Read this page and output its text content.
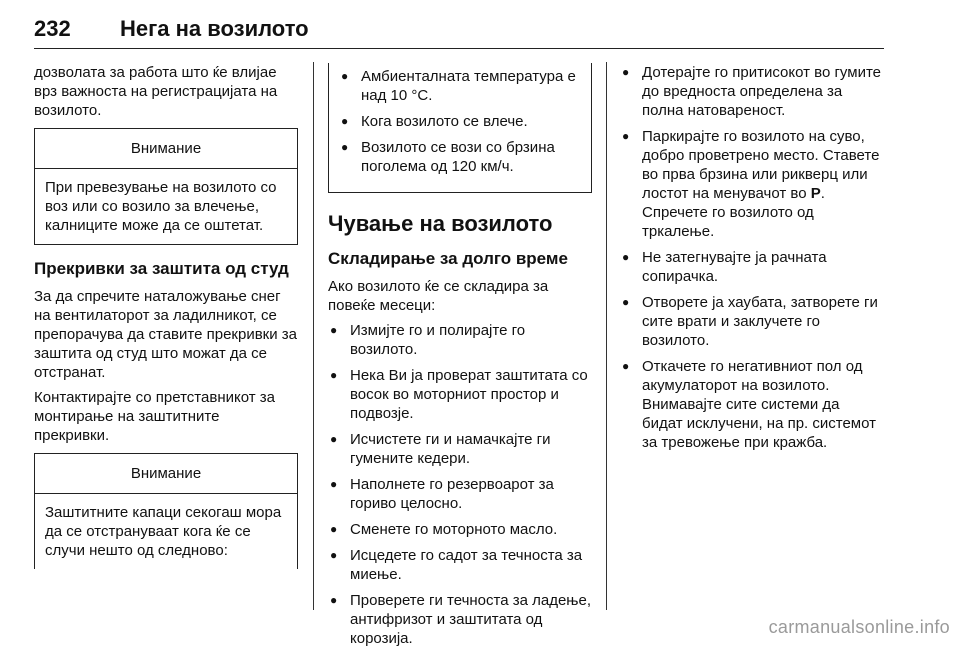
232 Нега на возилото

дозволата за работа што ќе влијае врз важноста на регистрацијата на возилото.

Внимание
При превезување на возилото со воз или со возило за влечење, калниците може да се оштетат.
Прекривки за заштита од студ

За да спречите наталожување снег на вентилаторот за ладилникот, се препорачува да ставите прекривки за заштита од студ што можат да се отстранат.

Контактирајте со претставникот за монтирање на заштитните прекривки.

Внимание
Заштитните капаци секогаш мора да се отстрануваат кога ќе се случи нешто од следново:
● Амбиенталната температура е над 10 °C.
● Кога возилото се влече.
● Возилото се вози со брзина поголема од 120 км/ч.
Чување на возилото
Складирање за долго време

Ако возилото ќе се складира за повеќе месеци:

● Измијте го и полирајте го возилото.
● Нека Ви ја проверат заштитата со восок во моторниот простор и подвозје.
● Исчистете ги и намачкајте ги гумените кедери.
● Наполнете го резервоарот за гориво целосно.
● Сменете го моторното масло.
● Исцедете го садот за течноста за миење.
● Проверете ги течноста за ладење, антифризот и заштитата од корозија.
● Дотерајте го притисокот во гумите до вредноста определена за полна натовареност.
● Паркирајте го возилото на суво, добро проветрено место. Ставете во прва брзина или рикверц или лостот на менувачот во P. Спречете го возилото од тркалење.
● Не затегнувајте ја рачната сопирачка.
● Отворете ја хаубата, затворете ги сите врати и заклучете го возилото.
● Откачете го негативниот пол од акумулаторот на возилото. Внимавајте сите системи да бидат исклучени, на пр. системот за тревожење при кражба.
carmanualsonline.info
